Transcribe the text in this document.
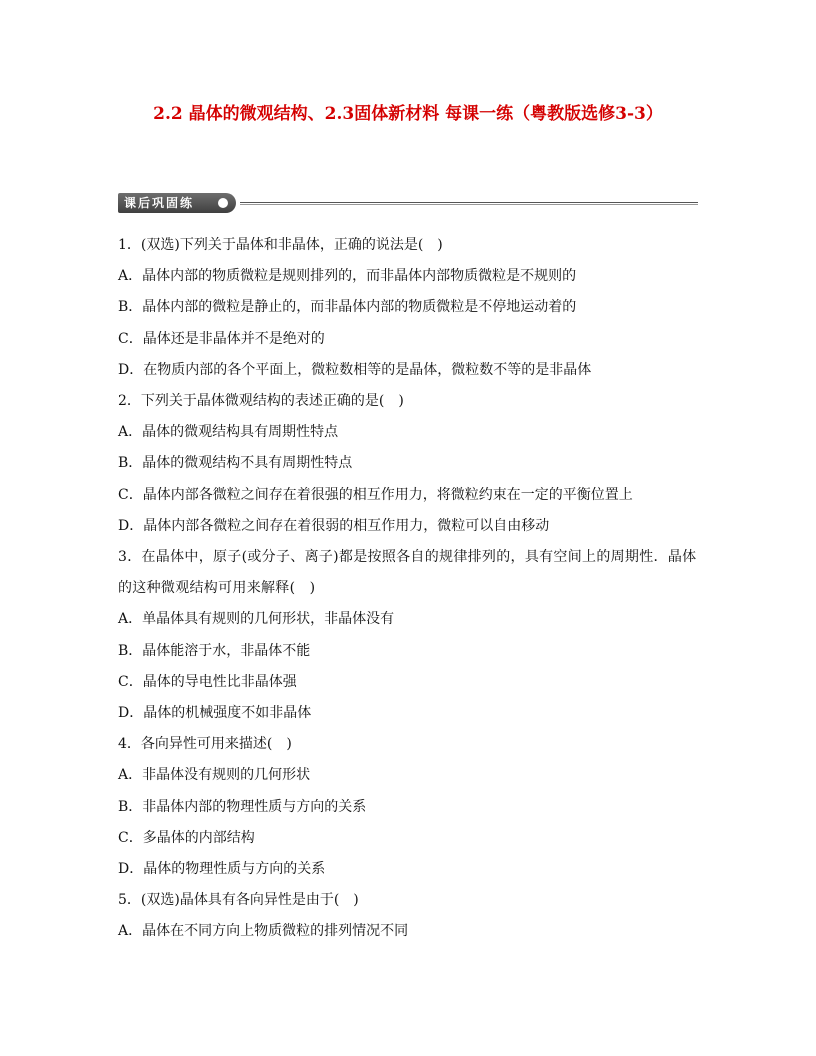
2.2 晶体的微观结构、2.3固体新材料 每课一练（粤教版选修3-3）
课后巩固练
1．(双选)下列关于晶体和非晶体，正确的说法是(　)
A．晶体内部的物质微粒是规则排列的，而非晶体内部物质微粒是不规则的
B．晶体内部的微粒是静止的，而非晶体内部的物质微粒是不停地运动着的
C．晶体还是非晶体并不是绝对的
D．在物质内部的各个平面上，微粒数相等的是晶体，微粒数不等的是非晶体
2．下列关于晶体微观结构的表述正确的是(　)
A．晶体的微观结构具有周期性特点
B．晶体的微观结构不具有周期性特点
C．晶体内部各微粒之间存在着很强的相互作用力，将微粒约束在一定的平衡位置上
D．晶体内部各微粒之间存在着很弱的相互作用力，微粒可以自由移动
3．在晶体中，原子(或分子、离子)都是按照各自的规律排列的，具有空间上的周期性．晶体的这种微观结构可用来解释(　)
A．单晶体具有规则的几何形状，非晶体没有
B．晶体能溶于水，非晶体不能
C．晶体的导电性比非晶体强
D．晶体的机械强度不如非晶体
4．各向异性可用来描述(　)
A．非晶体没有规则的几何形状
B．非晶体内部的物理性质与方向的关系
C．多晶体的内部结构
D．晶体的物理性质与方向的关系
5．(双选)晶体具有各向异性是由于(　)
A．晶体在不同方向上物质微粒的排列情况不同
